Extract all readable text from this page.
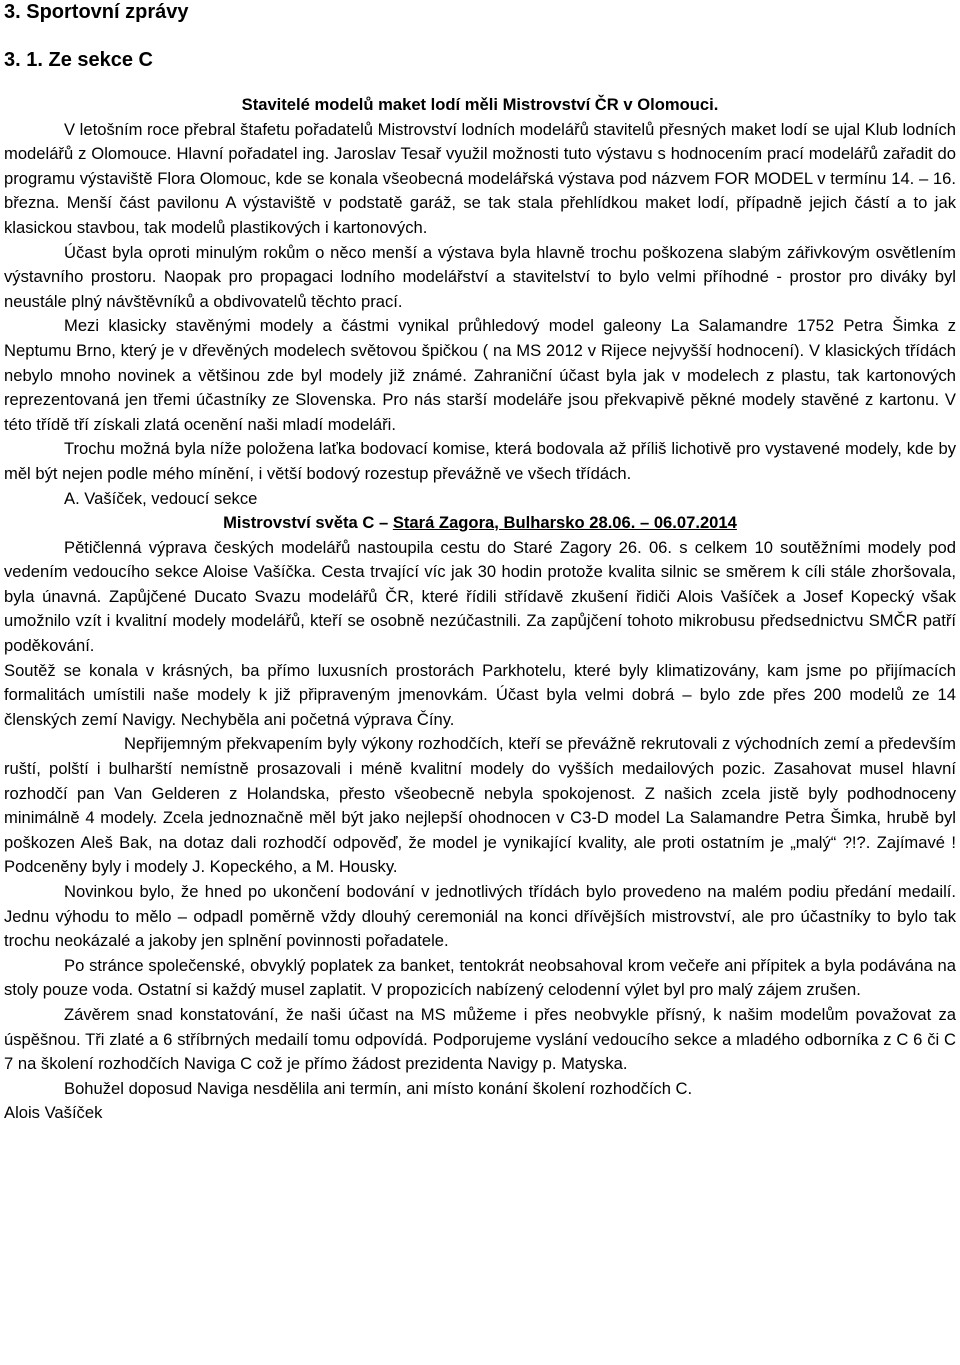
3. Sportovní zprávy
3. 1. Ze sekce C

Stavitelé modelů maket lodí měli Mistrovství ČR v Olomouci.

V letošním roce přebral štafetu pořadatelů Mistrovství lodních modelářů stavitelů přesných maket lodí se ujal Klub lodních modelářů z Olomouce. Hlavní pořadatel ing. Jaroslav Tesař využil možnosti tuto výstavu s hodnocením prací modelářů zařadit do programu výstaviště Flora Olomouc, kde se konala všeobecná modelářská výstava pod názvem FOR MODEL v termínu 14. – 16. března. Menší část pavilonu A výstaviště v podstatě garáž, se tak stala přehlídkou maket lodí, případně jejich částí a to jak klasickou stavbou, tak modelů plastikových i kartonových.

Účast byla oproti minulým rokům o něco menší a výstava byla hlavně trochu poškozena slabým zářivkovým osvětlením výstavního prostoru. Naopak pro propagaci lodního modelářství a stavitelství to bylo velmi příhodné - prostor pro diváky byl neustále plný návštěvníků a obdivovatelů těchto prací.

Mezi klasicky stavěnými modely a částmi vynikal průhledový model galeony La Salamandre 1752 Petra Šimka z Neptumu Brno, který je v dřevěných modelech světovou špičkou ( na MS 2012 v Rijece nejvyšší hodnocení). V klasických třídách nebylo mnoho novinek a většinou zde byl modely již známé. Zahraniční účast byla jak v modelech z plastu, tak kartonových reprezentovaná jen třemi účastníky ze Slovenska. Pro nás starší modeláře jsou překvapivě pěkné modely stavěné z kartonu. V této třídě tří získali zlatá ocenění naši mladí modeláři.

Trochu možná byla níže položena laťka bodovací komise, která bodovala až příliš lichotivě pro vystavené modely, kde by měl být nejen podle mého mínění, i větší bodový rozestup převážně ve všech třídách.

A. Vašíček, vedoucí sekce

Mistrovství světa C – Stará Zagora, Bulharsko 28.06. – 06.07.2014

Pětičlenná výprava českých modelářů nastoupila cestu do Staré Zagory 26. 06. s celkem 10 soutěžními modely pod vedením vedoucího sekce Aloise Vašíčka. Cesta trvající víc jak 30 hodin protože kvalita silnic se směrem k cíli stále zhoršovala, byla únavná. Zapůjčené Ducato Svazu modelářů ČR, které řídili střídavě zkušení řidiči Alois Vašíček a Josef Kopecký však umožnilo vzít i kvalitní modely modelářů, kteří se osobně nezúčastnili. Za zapůjčení tohoto mikrobusu předsednictvu SMČR patří poděkování.

Soutěž se konala v krásných, ba přímo luxusních prostorách Parkhotelu, které byly klimatizovány, kam jsme po přijímacích formalitách umístili naše modely k již připraveným jmenovkám. Účast byla velmi dobrá – bylo zde přes 200 modelů ze 14 členských zemí Navigy. Nechyběla ani početná výprava Číny.

Nepřijemným překvapením byly výkony rozhodčích, kteří se převážně rekrutovali z východních zemí a především ruští, polští i bulharští nemístně prosazovali i méně kvalitní modely do vyšších medailových pozic. Zasahovat musel hlavní rozhodčí pan Van Gelderen z Holandska, přesto všeobecně nebyla spokojenost. Z našich zcela jistě byly podhodnoceny minimálně 4 modely. Zcela jednoznačně měl být jako nejlepší ohodnocen v C3-D model La Salamandre Petra Šimka, hrubě byl poškozen Aleš Bak, na dotaz dali rozhodčí odpověď, že model je vynikající kvality, ale proti ostatním je „malý“ ?!?. Zajímavé ! Podceněny byly i modely J. Kopeckého, a M. Housky.

Novinkou bylo, že hned po ukončení bodování v jednotlivých třídách bylo provedeno na malém podiu předání medailí. Jednu výhodu to mělo – odpadl poměrně vždy dlouhý ceremoniál na konci dřívějších mistrovství, ale pro účastníky to bylo tak trochu neokázalé a jakoby jen splnění povinnosti pořadatele.

Po stránce společenské, obvyklý poplatek za banket, tentokrát neobsahoval krom večeře ani přípitek a byla podávána na stoly pouze voda. Ostatní si každý musel zaplatit. V propozicích nabízený celodenní výlet byl pro malý zájem zrušen.

Závěrem snad konstatování, že naši účast na MS můžeme i přes neobvykle přísný, k našim modelům považovat za úspěšnou. Tři zlaté a 6 stříbrných medailí tomu odpovídá. Podporujeme vyslání vedoucího sekce a mladého odborníka z C 6 či C 7 na školení rozhodčích Naviga C což je přímo žádost prezidenta Navigy p. Matyska.

Bohužel doposud Naviga nesdělila ani termín, ani místo konání školení rozhodčích C.

Alois Vašíček
